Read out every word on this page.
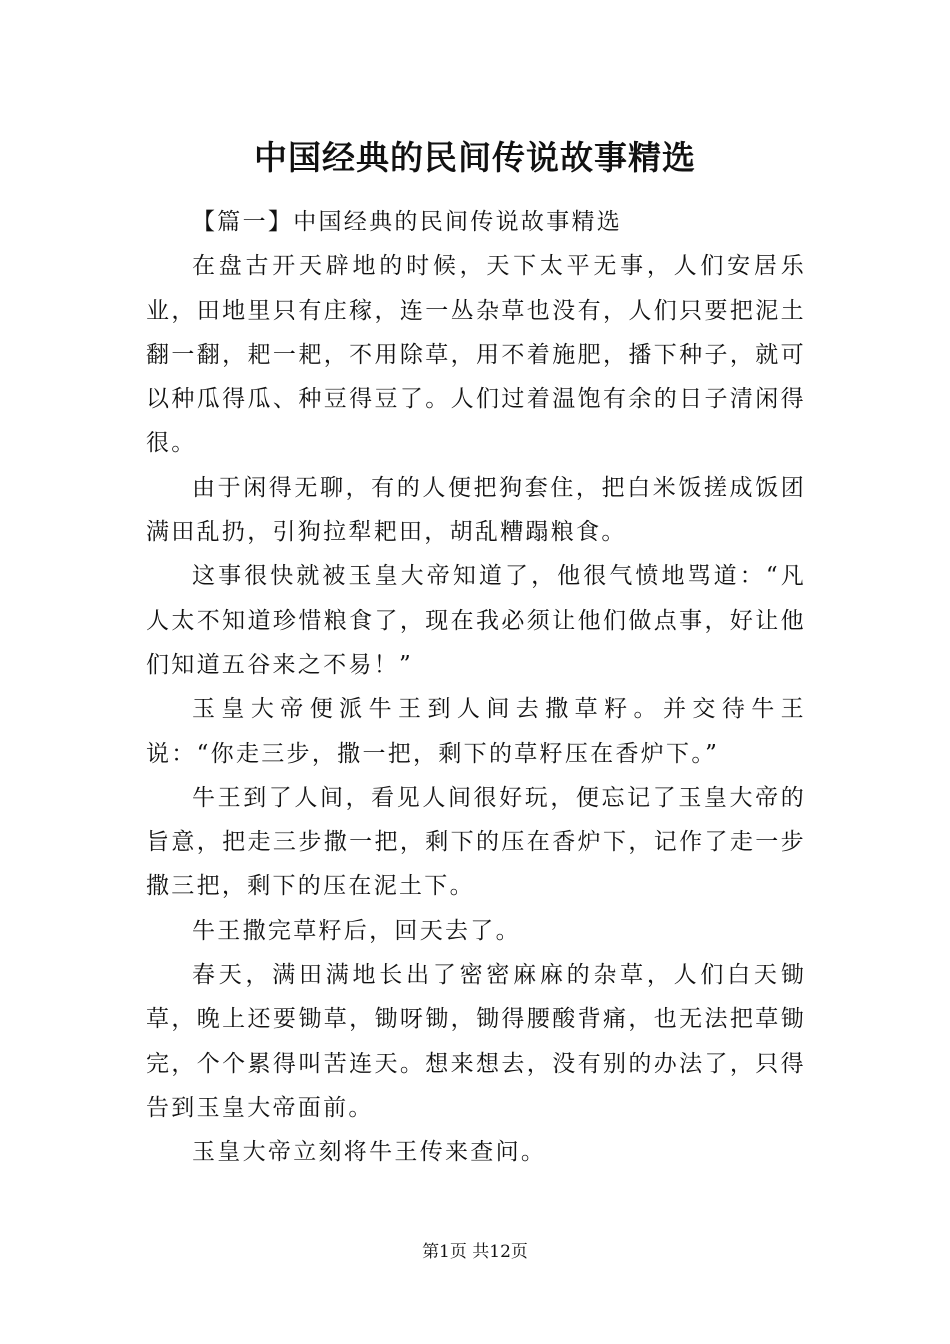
中国经典的民间传说故事精选

【篇一】中国经典的民间传说故事精选

在盘古开天辟地的时候，天下太平无事，人们安居乐业，田地里只有庄稼，连一丛杂草也没有，人们只要把泥土翻一翻，耙一耙，不用除草，用不着施肥，播下种子，就可以种瓜得瓜、种豆得豆了。人们过着温饱有余的日子清闲得很。

由于闲得无聊，有的人便把狗套住，把白米饭搓成饭团满田乱扔，引狗拉犁耙田，胡乱糟蹋粮食。

这事很快就被玉皇大帝知道了，他很气愤地骂道：“凡人太不知道珍惜粮食了，现在我必须让他们做点事，好让他们知道五谷来之不易！”

玉皇大帝便派牛王到人间去撒草籽。并交待牛王说：“你走三步，撒一把，剩下的草籽压在香炉下。”

牛王到了人间，看见人间很好玩，便忘记了玉皇大帝的旨意，把走三步撒一把，剩下的压在香炉下，记作了走一步撒三把，剩下的压在泥土下。

牛王撒完草籽后，回天去了。

春天，满田满地长出了密密麻麻的杂草，人们白天锄草，晚上还要锄草，锄呀锄，锄得腰酸背痛，也无法把草锄完，个个累得叫苦连天。想来想去，没有别的办法了，只得告到玉皇大帝面前。

玉皇大帝立刻将牛王传来查问。

第1页 共12页
